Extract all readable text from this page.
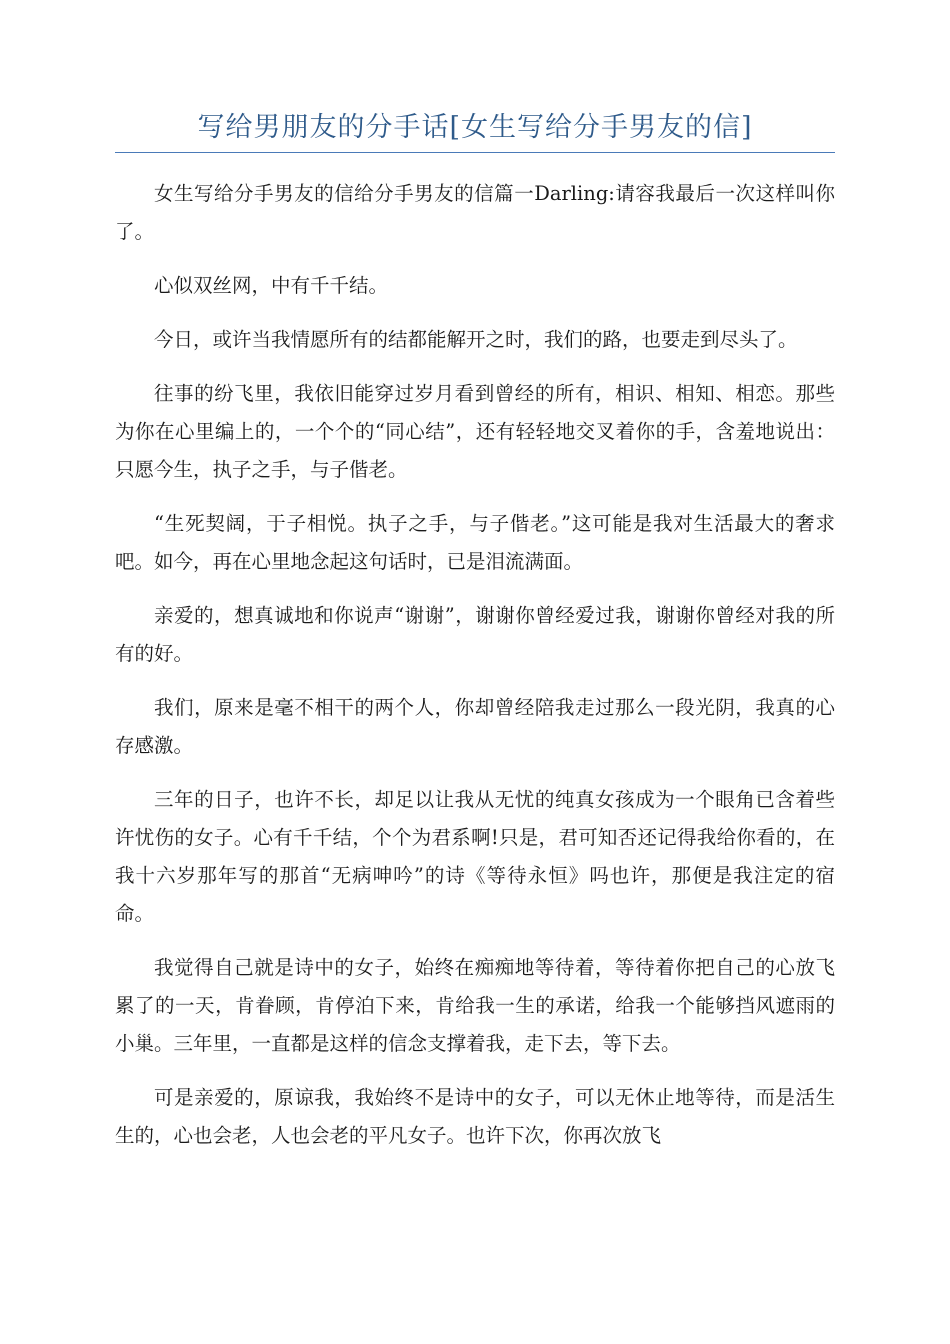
写给男朋友的分手话[女生写给分手男友的信]

女生写给分手男友的信给分手男友的信篇一Darling:请容我最后一次这样叫你了。

心似双丝网，中有千千结。

今日，或许当我情愿所有的结都能解开之时，我们的路，也要走到尽头了。

往事的纷飞里，我依旧能穿过岁月看到曾经的所有，相识、相知、相恋。那些为你在心里编上的，一个个的“同心结”，还有轻轻地交叉着你的手，含羞地说出：只愿今生，执子之手，与子偕老。

“生死契阔，于子相悦。执子之手，与子偕老。”这可能是我对生活最大的奢求吧。如今，再在心里地念起这句话时，已是泪流满面。

亲爱的，想真诚地和你说声“谢谢”，谢谢你曾经爱过我，谢谢你曾经对我的所有的好。

我们，原来是毫不相干的两个人，你却曾经陪我走过那么一段光阴，我真的心存感激。

三年的日子，也许不长，却足以让我从无忧的纯真女孩成为一个眼角已含着些许忧伤的女子。心有千千结，个个为君系啊!只是，君可知否还记得我给你看的，在我十六岁那年写的那首“无病呻吟”的诗《等待永恒》吗也许，那便是我注定的宿命。

我觉得自己就是诗中的女子，始终在痴痴地等待着，等待着你把自己的心放飞累了的一天，肯眷顾，肯停泊下来，肯给我一生的承诺，给我一个能够挡风遮雨的小巢。三年里，一直都是这样的信念支撑着我，走下去，等下去。

可是亲爱的，原谅我，我始终不是诗中的女子，可以无休止地等待，而是活生生的，心也会老，人也会老的平凡女子。也许下次，你再次放飞
